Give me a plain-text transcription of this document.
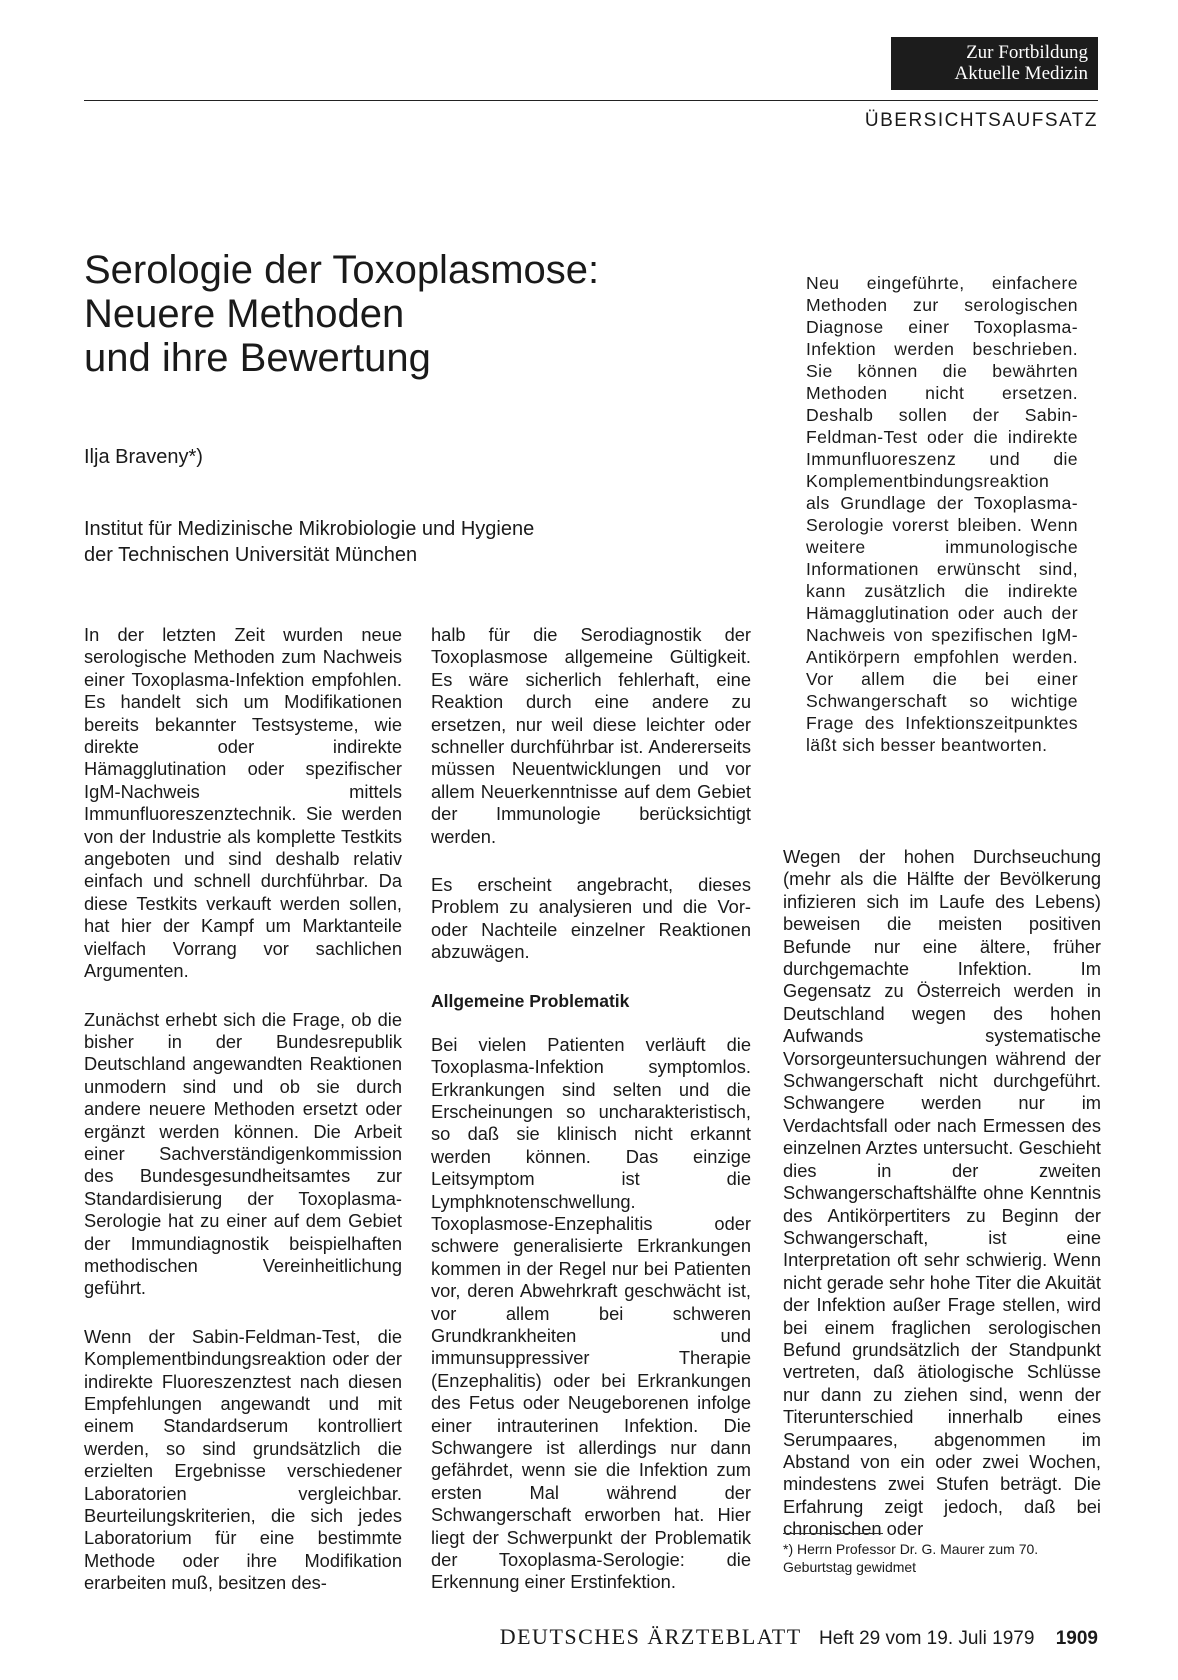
Zur Fortbildung
Aktuelle Medizin
ÜBERSICHTSAUFSATZ
Serologie der Toxoplasmose:
Neuere Methoden
und ihre Bewertung
Ilja Braveny*)
Institut für Medizinische Mikrobiologie und Hygiene
der Technischen Universität München
Neu eingeführte, einfachere Methoden zur serologischen Diagnose einer Toxoplasma-Infektion werden beschrieben. Sie können die bewährten Methoden nicht ersetzen. Deshalb sollen der Sabin-Feldman-Test oder die indirekte Immunfluoreszenz und die Komplementbindungsreaktion als Grundlage der Toxoplasma-Serologie vorerst bleiben. Wenn weitere immunologische Informationen erwünscht sind, kann zusätzlich die indirekte Hämagglutination oder auch der Nachweis von spezifischen IgM-Antikörpern empfohlen werden. Vor allem die bei einer Schwangerschaft so wichtige Frage des Infektionszeitpunktes läßt sich besser beantworten.

In der letzten Zeit wurden neue serologische Methoden zum Nachweis einer Toxoplasma-Infektion empfohlen. Es handelt sich um Modifikationen bereits bekannter Testsysteme, wie direkte oder indirekte Hämagglutination oder spezifischer IgM-Nachweis mittels Immunfluoreszenztechnik. Sie werden von der Industrie als komplette Testkits angeboten und sind deshalb relativ einfach und schnell durchführbar. Da diese Testkits verkauft werden sollen, hat hier der Kampf um Marktanteile vielfach Vorrang vor sachlichen Argumenten.

Zunächst erhebt sich die Frage, ob die bisher in der Bundesrepublik Deutschland angewandten Reaktionen unmodern sind und ob sie durch andere neuere Methoden ersetzt oder ergänzt werden können. Die Arbeit einer Sachverständigenkommission des Bundesgesundheitsamtes zur Standardisierung der Toxoplasma-Serologie hat zu einer auf dem Gebiet der Immundiagnostik beispielhaften methodischen Vereinheitlichung geführt.

Wenn der Sabin-Feldman-Test, die Komplementbindungsreaktion oder der indirekte Fluoreszenztest nach diesen Empfehlungen angewandt und mit einem Standardserum kontrolliert werden, so sind grundsätzlich die erzielten Ergebnisse verschiedener Laboratorien vergleichbar. Beurteilungskriterien, die sich jedes Laboratorium für eine bestimmte Methode oder ihre Modifikation erarbeiten muß, besitzen des-

halb für die Serodiagnostik der Toxoplasmose allgemeine Gültigkeit. Es wäre sicherlich fehlerhaft, eine Reaktion durch eine andere zu ersetzen, nur weil diese leichter oder schneller durchführbar ist. Andererseits müssen Neuentwicklungen und vor allem Neuerkenntnisse auf dem Gebiet der Immunologie berücksichtigt werden.

Es erscheint angebracht, dieses Problem zu analysieren und die Vor- oder Nachteile einzelner Reaktionen abzuwägen.

Allgemeine Problematik

Bei vielen Patienten verläuft die Toxoplasma-Infektion symptomlos. Erkrankungen sind selten und die Erscheinungen so uncharakteristisch, so daß sie klinisch nicht erkannt werden können. Das einzige Leitsymptom ist die Lymphknotenschwellung. Toxoplasmose-Enzephalitis oder schwere generalisierte Erkrankungen kommen in der Regel nur bei Patienten vor, deren Abwehrkraft geschwächt ist, vor allem bei schweren Grundkrankheiten und immunsuppressiver Therapie (Enzephalitis) oder bei Erkrankungen des Fetus oder Neugeborenen infolge einer intrauterinen Infektion. Die Schwangere ist allerdings nur dann gefährdet, wenn sie die Infektion zum ersten Mal während der Schwangerschaft erworben hat. Hier liegt der Schwerpunkt der Problematik der Toxoplasma-Serologie: die Erkennung einer Erstinfektion.

Wegen der hohen Durchseuchung (mehr als die Hälfte der Bevölkerung infizieren sich im Laufe des Lebens) beweisen die meisten positiven Befunde nur eine ältere, früher durchgemachte Infektion. Im Gegensatz zu Österreich werden in Deutschland wegen des hohen Aufwands systematische Vorsorgeuntersuchungen während der Schwangerschaft nicht durchgeführt. Schwangere werden nur im Verdachtsfall oder nach Ermessen des einzelnen Arztes untersucht. Geschieht dies in der zweiten Schwangerschaftshälfte ohne Kenntnis des Antikörpertiters zu Beginn der Schwangerschaft, ist eine Interpretation oft sehr schwierig. Wenn nicht gerade sehr hohe Titer die Akuität der Infektion außer Frage stellen, wird bei einem fraglichen serologischen Befund grundsätzlich der Standpunkt vertreten, daß ätiologische Schlüsse nur dann zu ziehen sind, wenn der Titerunterschied innerhalb eines Serumpaares, abgenommen im Abstand von ein oder zwei Wochen, mindestens zwei Stufen beträgt. Die Erfahrung zeigt jedoch, daß bei chronischen oder

*) Herrn Professor Dr. G. Maurer zum 70. Geburtstag gewidmet
DEUTSCHES ÄRZTEBLATT Heft 29 vom 19. Juli 1979 1909
